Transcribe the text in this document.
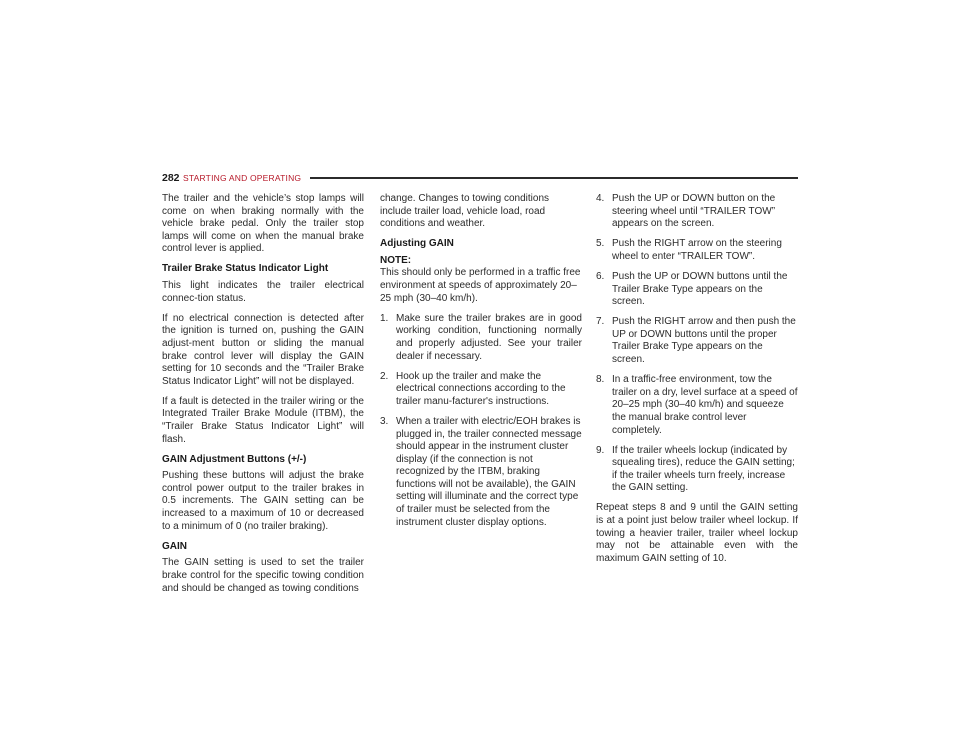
282 STARTING AND OPERATING

The trailer and the vehicle’s stop lamps will come on when braking normally with the vehicle brake pedal. Only the trailer stop lamps will come on when the manual brake control lever is applied.

Trailer Brake Status Indicator Light

This light indicates the trailer electrical connec-tion status.

If no electrical connection is detected after the ignition is turned on, pushing the GAIN adjust-ment button or sliding the manual brake control lever will display the GAIN setting for 10 seconds and the “Trailer Brake Status Indicator Light” will not be displayed.

If a fault is detected in the trailer wiring or the Integrated Trailer Brake Module (ITBM), the “Trailer Brake Status Indicator Light” will flash.

GAIN Adjustment Buttons (+/-)

Pushing these buttons will adjust the brake control power output to the trailer brakes in 0.5 increments. The GAIN setting can be increased to a maximum of 10 or decreased to a minimum of 0 (no trailer braking).

GAIN

The GAIN setting is used to set the trailer brake control for the specific towing condition and should be changed as towing conditions

change. Changes to towing conditions include trailer load, vehicle load, road conditions and weather.

Adjusting GAIN
NOTE:

This should only be performed in a traffic free environment at speeds of approximately 20–25 mph (30–40 km/h).

1. Make sure the trailer brakes are in good working condition, functioning normally and properly adjusted. See your trailer dealer if necessary.
2. Hook up the trailer and make the electrical connections according to the trailer manu-facturer's instructions.
3. When a trailer with electric/EOH brakes is plugged in, the trailer connected message should appear in the instrument cluster display (if the connection is not recognized by the ITBM, braking functions will not be available), the GAIN setting will illuminate and the correct type of trailer must be selected from the instrument cluster display options.
4. Push the UP or DOWN button on the steering wheel until “TRAILER TOW” appears on the screen.
5. Push the RIGHT arrow on the steering wheel to enter “TRAILER TOW”.
6. Push the UP or DOWN buttons until the Trailer Brake Type appears on the screen.
7. Push the RIGHT arrow and then push the UP or DOWN buttons until the proper Trailer Brake Type appears on the screen.
8. In a traffic-free environment, tow the trailer on a dry, level surface at a speed of 20–25 mph (30–40 km/h) and squeeze the manual brake control lever completely.
9. If the trailer wheels lockup (indicated by squealing tires), reduce the GAIN setting; if the trailer wheels turn freely, increase the GAIN setting.

Repeat steps 8 and 9 until the GAIN setting is at a point just below trailer wheel lockup. If towing a heavier trailer, trailer wheel lockup may not be attainable even with the maximum GAIN setting of 10.
